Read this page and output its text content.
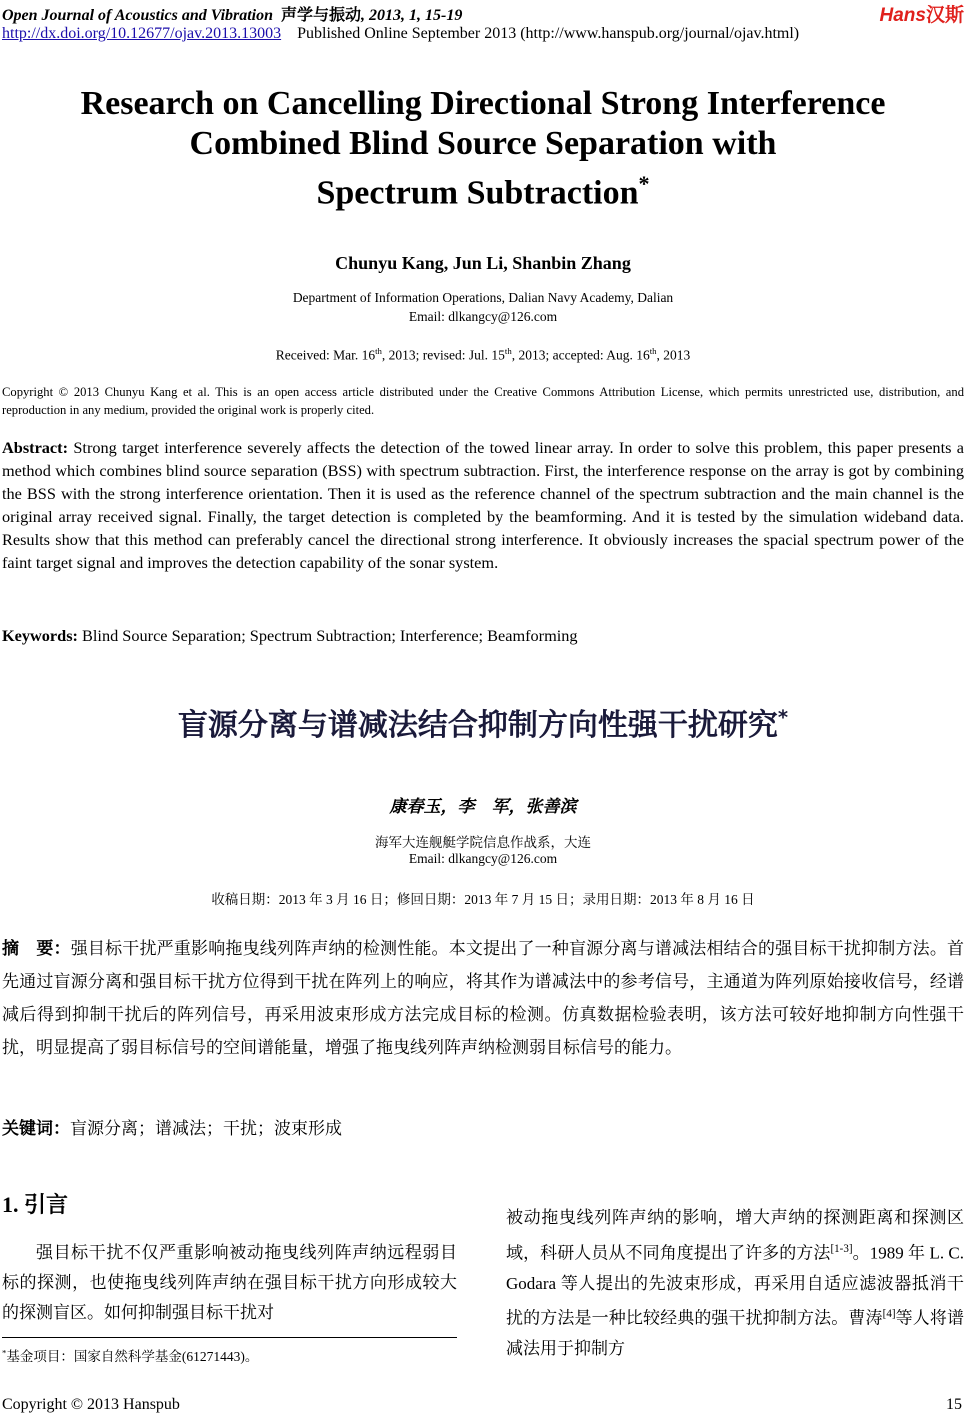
Open Journal of Acoustics and Vibration 声学与振动, 2013, 1, 15-19	Hans汉斯
http://dx.doi.org/10.12677/ojav.2013.13003 Published Online September 2013 (http://www.hanspub.org/journal/ojav.html)
Research on Cancelling Directional Strong Interference
Combined Blind Source Separation with
Spectrum Subtraction*
Chunyu Kang, Jun Li, Shanbin Zhang
Department of Information Operations, Dalian Navy Academy, Dalian
Email: dlkangcy@126.com
Received: Mar. 16th, 2013; revised: Jul. 15th, 2013; accepted: Aug. 16th, 2013
Copyright © 2013 Chunyu Kang et al. This is an open access article distributed under the Creative Commons Attribution License, which permits unrestricted use, distribution, and reproduction in any medium, provided the original work is properly cited.
Abstract: Strong target interference severely affects the detection of the towed linear array. In order to solve this problem, this paper presents a method which combines blind source separation (BSS) with spectrum subtraction. First, the interference response on the array is got by combining the BSS with the strong interference orientation. Then it is used as the reference channel of the spectrum subtraction and the main channel is the original array received signal. Finally, the target detection is completed by the beamforming. And it is tested by the simulation wideband data. Results show that this method can preferably cancel the directional strong interference. It obviously increases the spacial spectrum power of the faint target signal and improves the detection capability of the sonar system.
Keywords: Blind Source Separation; Spectrum Subtraction; Interference; Beamforming
盲源分离与谱减法结合抑制方向性强干扰研究*
康春玉，李　军，张善滨
海军大连舰艇学院信息作战系，大连
Email: dlkangcy@126.com
收稿日期：2013 年 3 月 16 日；修回日期：2013 年 7 月 15 日；录用日期：2013 年 8 月 16 日
摘　要：强目标干扰严重影响拖曳线列阵声纳的检测性能。本文提出了一种盲源分离与谱减法相结合的强目标干扰抑制方法。首先通过盲源分离和强目标干扰方位得到干扰在阵列上的响应，将其作为谱减法中的参考信号，主通道为阵列原始接收信号，经谱减后得到抑制干扰后的阵列信号，再采用波束形成方法完成目标的检测。仿真数据检验表明，该方法可较好地抑制方向性强干扰，明显提高了弱目标信号的空间谱能量，增强了拖曳线列阵声纳检测弱目标信号的能力。
关键词：盲源分离；谱减法；干扰；波束形成
1. 引言
强目标干扰不仅严重影响被动拖曳线列阵声纳远程弱目标的探测，也使拖曳线列阵声纳在强目标干扰方向形成较大的探测盲区。如何抑制强目标干扰对
*基金项目：国家自然科学基金(61271443)。
被动拖曳线列阵声纳的影响，增大声纳的探测距离和探测区域，科研人员从不同角度提出了许多的方法[1-3]。1989 年 L. C. Godara 等人提出的先波束形成，再采用自适应滤波器抵消干扰的方法是一种比较经典的强干扰抑制方法。曹涛[4]等人将谱减法用于抑制方
Copyright © 2013 Hanspub	15
